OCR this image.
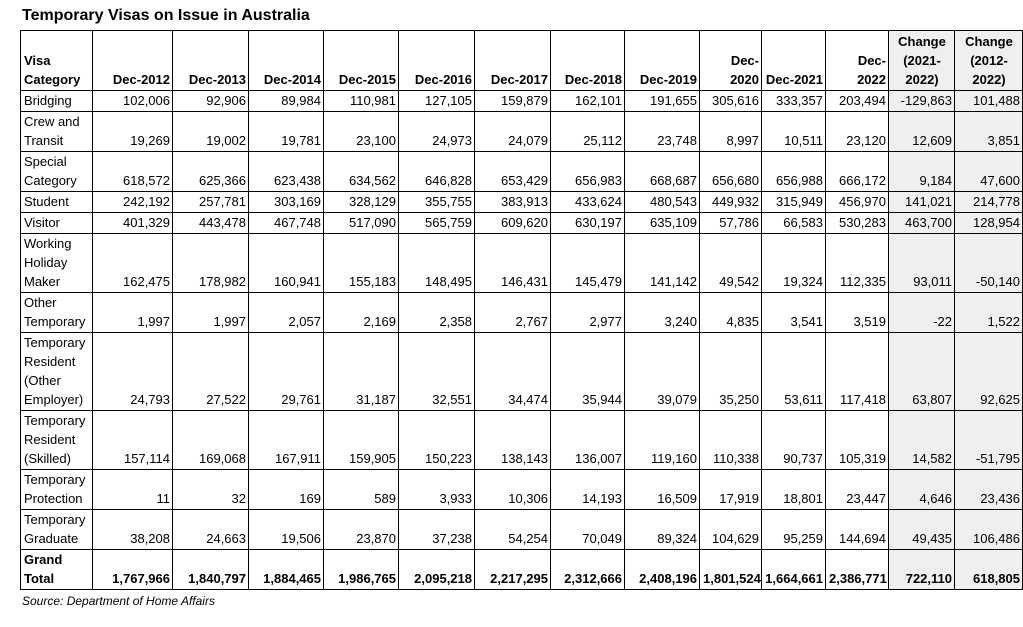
Temporary Visas on Issue in Australia
Visa Category	Dec-2012	Dec-2013	Dec-2014	Dec-2015	Dec-2016	Dec-2017	Dec-2018	Dec-2019	Dec-2020	Dec-2021	Dec-2022	Change (2021-2022)	Change (2012-2022)
Bridging	102,006	92,906	89,984	110,981	127,105	159,879	162,101	191,655	305,616	333,357	203,494	-129,863	101,488
Crew and Transit	19,269	19,002	19,781	23,100	24,973	24,079	25,112	23,748	8,997	10,511	23,120	12,609	3,851
Special Category	618,572	625,366	623,438	634,562	646,828	653,429	656,983	668,687	656,680	656,988	666,172	9,184	47,600
Student	242,192	257,781	303,169	328,129	355,755	383,913	433,624	480,543	449,932	315,949	456,970	141,021	214,778
Visitor	401,329	443,478	467,748	517,090	565,759	609,620	630,197	635,109	57,786	66,583	530,283	463,700	128,954
Working Holiday Maker	162,475	178,982	160,941	155,183	148,495	146,431	145,479	141,142	49,542	19,324	112,335	93,011	-50,140
Other Temporary	1,997	1,997	2,057	2,169	2,358	2,767	2,977	3,240	4,835	3,541	3,519	-22	1,522
Temporary Resident (Other Employer)	24,793	27,522	29,761	31,187	32,551	34,474	35,944	39,079	35,250	53,611	117,418	63,807	92,625
Temporary Resident (Skilled)	157,114	169,068	167,911	159,905	150,223	138,143	136,007	119,160	110,338	90,737	105,319	14,582	-51,795
Temporary Protection	11	32	169	589	3,933	10,306	14,193	16,509	17,919	18,801	23,447	4,646	23,436
Temporary Graduate	38,208	24,663	19,506	23,870	37,238	54,254	70,049	89,324	104,629	95,259	144,694	49,435	106,486
Grand Total	1,767,966	1,840,797	1,884,465	1,986,765	2,095,218	2,217,295	2,312,666	2,408,196	1,801,524	1,664,661	2,386,771	722,110	618,805
Source: Department of Home Affairs
